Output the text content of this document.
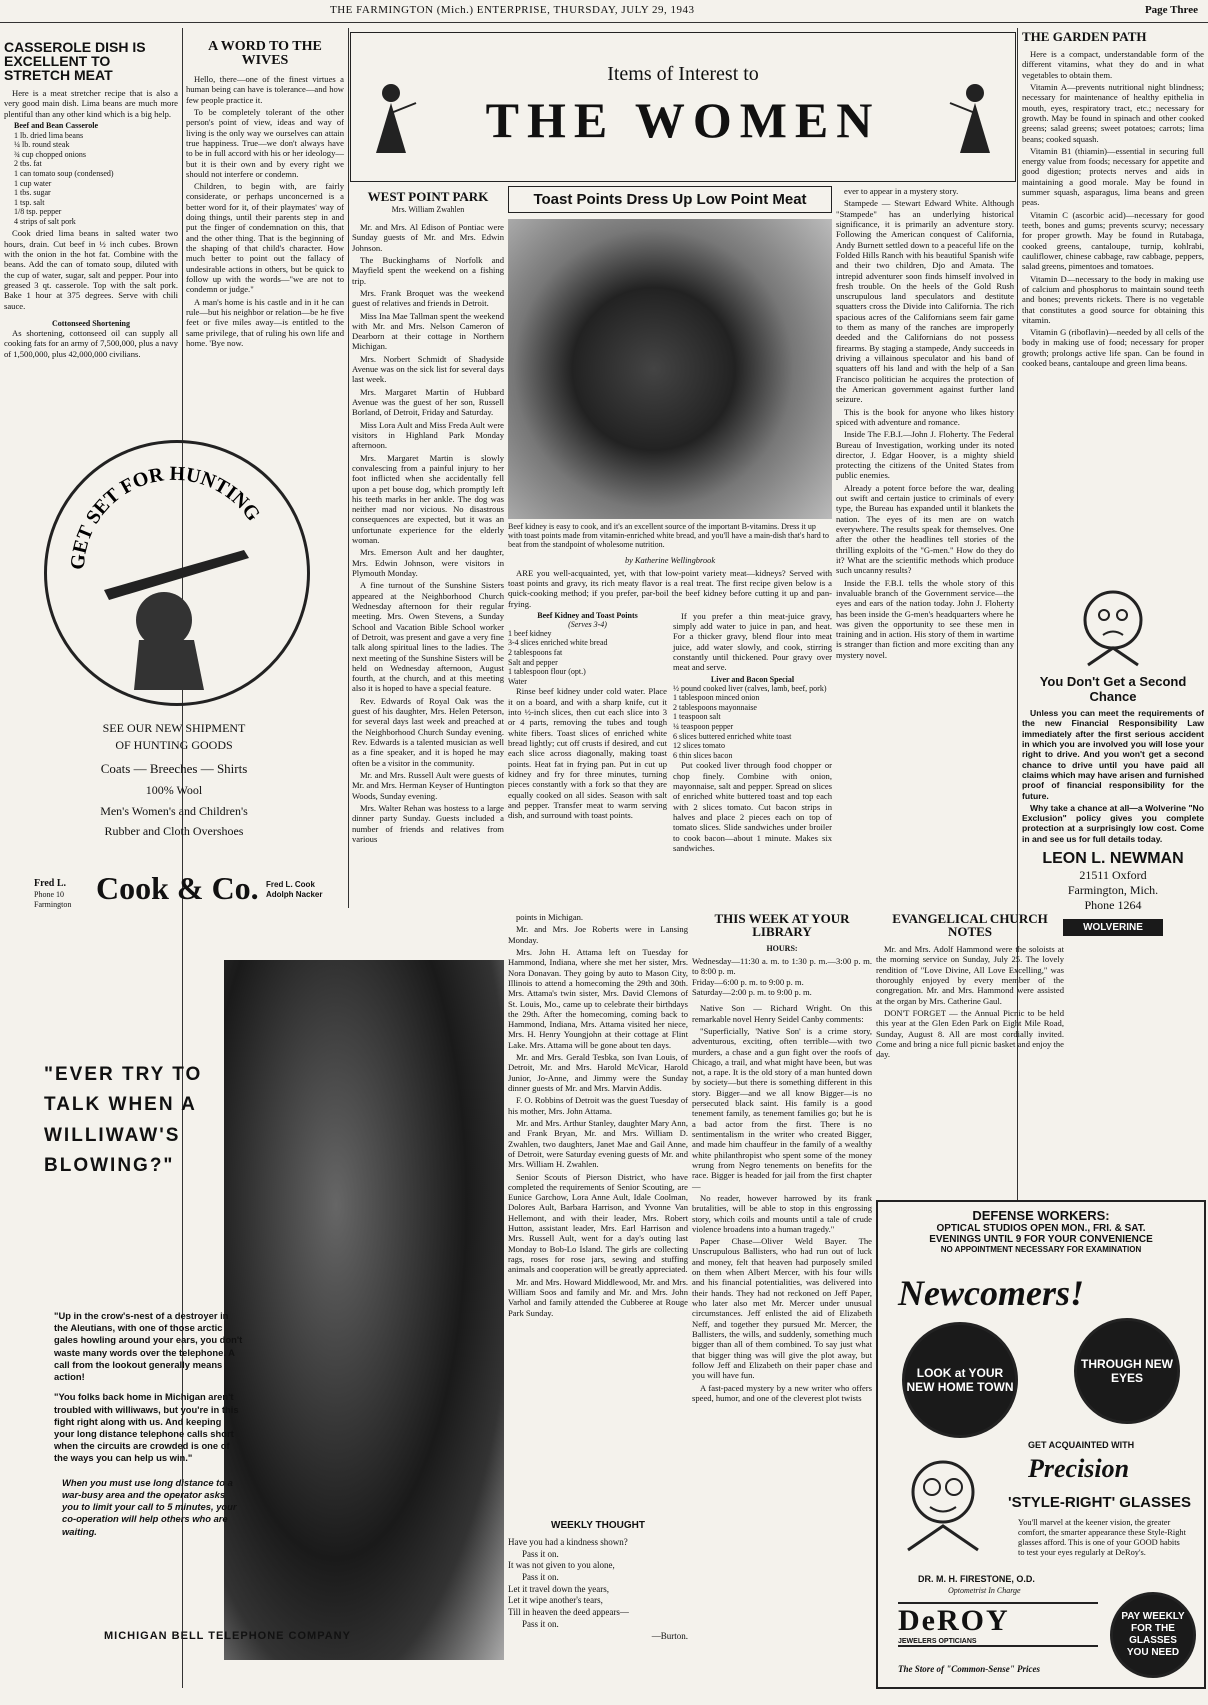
THE FARMINGTON (Mich.) ENTERPRISE, THURSDAY, JULY 29, 1943	Page Three
CASSEROLE DISH IS EXCELLENT TO STRETCH MEAT

Here is a meat stretcher recipe that is also a very good main dish. Lima beans are much more plentiful than any other kind which is a big help.

Beef and Bean Casserole
1 lb. dried lima beans
¼ lb. round steak
¾ cup chopped onions
2 tbs. fat
1 can tomato soup (condensed)
1 cup water
1 tbs. sugar
1 tsp. salt
1/8 tsp. pepper
4 strips of salt pork

Cook dried lima beans in salted water two hours, drain. Cut beef in ½ inch cubes. Brown with the onion in the hot fat. Combine with the beans. Add the can of tomato soup, diluted with the cup of water, sugar, salt and pepper. Pour into greased 3 qt. casserole. Top with the salt pork. Bake 1 hour at 375 degrees. Serve with chili sauce.

Cottonseed Shortening

As shortening, cottonseed oil can supply all cooking fats for an army of 7,500,000, plus a navy of 1,500,000, plus 42,000,000 civilians.

A WORD TO THE WIVES

Hello, there—one of the finest virtues a human being can have is tolerance—and how few people practice it.

To be completely tolerant of the other person's point of view, ideas and way of living is the only way we ourselves can attain true happiness. True—we don't always have to be in full accord with his or her ideology—but it is their own and by every right we should not interfere or condemn.

Children, to begin with, are fairly considerate, or perhaps unconcerned is a better word for it, of their playmates' way of doing things, until their parents step in and put the finger of condemnation on this, that and the other thing. That is the beginning of the shaping of that child's character. How much better to point out the fallacy of undesirable actions in others, but be quick to follow up with the words—"we are not to condemn or judge."

A man's home is his castle and in it he can rule—but his neighbor or relation—be he five feet or five miles away—is entitled to the same privilege, that of ruling his own life and home. 'Bye now.

Items of Interest to
THE WOMEN
WEST POINT PARK
Mrs. William Zwahlen

Mr. and Mrs. Al Edison of Pontiac were Sunday guests of Mr. and Mrs. Edwin Johnson.

The Buckinghams of Norfolk and Mayfield spent the weekend on a fishing trip.

Mrs. Frank Broquet was the weekend guest of relatives and friends in Detroit.

Miss Ina Mae Tallman spent the weekend with Mr. and Mrs. Nelson Cameron of Dearborn at their cottage in Northern Michigan.

Mrs. Norbert Schmidt of Shadyside Avenue was on the sick list for several days last week.

Mrs. Margaret Martin of Hubbard Avenue was the guest of her son, Russell Borland, of Detroit, Friday and Saturday.

Miss Lora Ault and Miss Freda Ault were visitors in Highland Park Monday afternoon.

Mrs. Margaret Martin is slowly convalescing from a painful injury to her foot inflicted when she accidentally fell upon a pet bouse dog, which promptly left his teeth marks in her ankle. The dog was neither mad nor vicious. No disastrous consequences are expected, but it was an unfortunate experience for the elderly woman.

Mrs. Emerson Ault and her daughter, Mrs. Edwin Johnson, were visitors in Plymouth Monday.

A fine turnout of the Sunshine Sisters appeared at the Neighborhood Church Wednesday afternoon for their regular meeting. Mrs. Owen Stevens, a Sunday School and Vacation Bible School worker of Detroit, was present and gave a very fine talk along spiritual lines to the ladies. The next meeting of the Sunshine Sisters will be held on Wednesday afternoon, August fourth, at the church, and at this meeting also it is hoped to have a special feature.

Rev. Edwards of Royal Oak was the guest of his daughter, Mrs. Helen Peterson, for several days last week and preached at the Neighborhood Church Sunday evening. Rev. Edwards is a talented musician as well as a fine speaker, and it is hoped he may often be a visitor in the community.

Mr. and Mrs. Russell Ault were guests of Mr. and Mrs. Herman Keyser of Huntington Woods, Sunday evening.

Mrs. Walter Rehan was hostess to a large dinner party Sunday. Guests included a number of friends and relatives from various

Toast Points Dress Up Low Point Meat
Beef kidney is easy to cook, and it's an excellent source of the important B-vitamins. Dress it up with toast points made from vitamin-enriched white bread, and you'll have a main-dish that's hard to beat from the standpoint of wholesome nutrition.
by Katherine Wellingbrook

ARE you well-acquainted, yet, with that low-point variety meat—kidneys? Served with toast points and gravy, its rich meaty flavor is a real treat. The first recipe given below is a quick-cooking method; if you prefer, par-boil the beef kidney before cutting it up and pan-frying.

Beef Kidney and Toast Points
(Serves 3-4)
1 beef kidney
3-4 slices enriched white bread
2 tablespoons fat
Salt and pepper
1 tablespoon flour (opt.)
Water

Rinse beef kidney under cold water. Place it on a board, and with a sharp knife, cut it into ½-inch slices, then cut each slice into 3 or 4 parts, removing the tubes and tough white fibers. Toast slices of enriched white bread lightly; cut off crusts if desired, and cut each slice across diagonally, making toast points. Heat fat in frying pan. Put in cut up kidney and fry for three minutes, turning pieces constantly with a fork so that they are equally cooked on all sides. Season with salt and pepper. Transfer meat to warm serving dish, and surround with toast points.

If you prefer a thin meat-juice gravy, simply add water to juice in pan, and heat. For a thicker gravy, blend flour into meat juice, add water slowly, and cook, stirring constantly until thickened. Pour gravy over meat and serve.

Liver and Bacon Special
½ pound cooked liver (calves, lamb, beef, pork)
1 tablespoon minced onion
2 tablespoons mayonnaise
1 teaspoon salt
¼ teaspoon pepper
6 slices buttered enriched white toast
12 slices tomato
6 thin slices bacon

Put cooked liver through food chopper or chop finely. Combine with onion, mayonnaise, salt and pepper. Spread on slices of enriched white buttered toast and top each with 2 slices tomato. Cut bacon strips in halves and place 2 pieces each on top of tomato slices. Slide sandwiches under broiler to cook bacon—about 1 minute. Makes six sandwiches.

ever to appear in a mystery story.

Stampede — Stewart Edward White. Although "Stampede" has an underlying historical significance, it is primarily an adventure story. Following the American conquest of California, Andy Burnett settled down to a peaceful life on the Folded Hills Ranch with his beautiful Spanish wife and their two children, Djo and Amata. The intrepid adventurer soon finds himself involved in fresh trouble. On the heels of the Gold Rush unscrupulous land speculators and destitute squatters cross the Divide into California. The rich spacious acres of the Californians seem fair game to them as many of the ranches are improperly deeded and the Californians do not possess firearms. By staging a stampede, Andy succeeds in driving a villainous speculator and his band of squatters off his land and with the help of a San Francisco politician he acquires the protection of the American government against further land seizure.

This is the book for anyone who likes history spiced with adventure and romance.

Inside The F.B.I.—John J. Floherty. The Federal Bureau of Investigation, working under its noted director, J. Edgar Hoover, is a mighty shield protecting the citizens of the United States from public enemies.

Already a potent force before the war, dealing out swift and certain justice to criminals of every type, the Bureau has expanded until it blankets the nation. The eyes of its men are on watch everywhere. The results speak for themselves. One after the other the headlines tell stories of the thrilling exploits of the "G-men." How do they do it? What are the scientific methods which produce such uncanny results?

Inside the F.B.I. tells the whole story of this invaluable branch of the Government service—the eyes and ears of the nation today. John J. Floherty has been inside the G-men's headquarters where he was given the opportunity to see these men in training and in action. His story of them in wartime is stranger than fiction and more exciting than any mystery novel.

THE GARDEN PATH

Here is a compact, understandable form of the different vitamins, what they do and in what vegetables to obtain them.

Vitamin A—prevents nutritional night blindness; necessary for maintenance of healthy epithelia in mouth, eyes, respiratory tract, etc.; necessary for growth. May be found in spinach and other cooked greens; salad greens; sweet potatoes; carrots; lima beans; cooked squash.

Vitamin B1 (thiamin)—essential in securing full energy value from foods; necessary for appetite and good digestion; protects nerves and aids in maintaining a good morale. May be found in summer squash, asparagus, lima beans and green peas.

Vitamin C (ascorbic acid)—necessary for good teeth, bones and gums; prevents scurvy; necessary for proper growth. May be found in Rutabaga, cooked greens, cantaloupe, turnip, kohlrabi, cauliflower, chinese cabbage, raw cabbage, peppers, salad greens, pimentoes and tomatoes.

Vitamin D—necessary to the body in making use of calcium and phosphorus to maintain sound teeth and bones; prevents rickets. There is no vegetable that constitutes a good source for obtaining this vitamin.

Vitamin G (riboflavin)—needed by all cells of the body in making use of food; necessary for proper growth; prolongs active life span. Can be found in cooked beans, cantaloupe and green lima beans.

You Don't Get a Second Chance

Unless you can meet the requirements of the new Financial Responsibility Law immediately after the first serious accident in which you are involved you will lose your right to drive. And you won't get a second chance to drive until you have paid all claims which may have arisen and furnished proof of financial responsibility for the future.

Why take a chance at all—a Wolverine "No Exclusion" policy gives you complete protection at a surprisingly low cost. Come in and see us for full details today.

LEON L. NEWMAN
21511 Oxford
Farmington, Mich.
Phone 1264
WOLVERINE
GET SET FOR HUNTING
SEE OUR NEW SHIPMENT
OF HUNTING GOODS
Coats — Breeches — Shirts
100% Wool
Men's Women's and Children's
Rubber and Cloth Overshoes
Fred L.
Phone 10
Farmington Cook & Co. Fred L. Cook
Adolph Nacker
"EVER TRY TO TALK WHEN A WILLIWAW'S BLOWING?"

"Up in the crow's-nest of a destroyer in the Aleutians, with one of those arctic gales howling around your ears, you don't waste many words over the telephone. A call from the lookout generally means action!

"You folks back home in Michigan aren't troubled with williwaws, but you're in this fight right along with us. And keeping your long distance telephone calls short when the circuits are crowded is one of the ways you can help us win."

When you must use long distance to a war-busy area and the operator asks you to limit your call to 5 minutes, your co-operation will help others who are waiting.

MICHIGAN BELL TELEPHONE COMPANY

points in Michigan.

Mr. and Mrs. Joe Roberts were in Lansing Monday.

Mrs. John H. Attama left on Tuesday for Hammond, Indiana, where she met her sister, Mrs. Nora Donavan. They going by auto to Mason City, Illinois to attend a homecoming the 29th and 30th. Mrs. Attama's twin sister, Mrs. David Clemons of St. Louis, Mo., came up to celebrate their birthdays the 29th. After the homecoming, coming back to Hammond, Indiana, Mrs. Attama visited her niece, Mrs. H. Henry Youngjohn at their cottage at Flint Lake. Mrs. Attama will be gone about ten days.

Mr. and Mrs. Gerald Tesbka, son Ivan Louis, of Detroit, Mr. and Mrs. Harold McVicar, Harold Junior, Jo-Anne, and Jimmy were the Sunday dinner guests of Mr. and Mrs. Marvin Addis.

F. O. Robbins of Detroit was the guest Tuesday of his mother, Mrs. John Attama.

Mr. and Mrs. Arthur Stanley, daughter Mary Ann, and Frank Bryan, Mr. and Mrs. William D. Zwahlen, two daughters, Janet Mae and Gail Anne, of Detroit, were Saturday evening guests of Mr. and Mrs. William H. Zwahlen.

Senior Scouts of Pierson District, who have completed the requirements of Senior Scouting, are Eunice Garchow, Lora Anne Ault, Idale Coolman, Dolores Ault, Barbara Harrison, and Yvonne Van Hellemont, and with their leader, Mrs. Robert Hutton, assistant leader, Mrs. Earl Harrison and Mrs. Russell Ault, went for a day's outing last Monday to Bob-Lo Island. The girls are collecting rags, roses for rose jars, sewing and stuffing animals and cooperation will be greatly appreciated.

Mr. and Mrs. Howard Middlewood, Mr. and Mrs. William Soos and family and Mr. and Mrs. John Varhol and family attended the Cubberee at Rouge Park Sunday.

WEEKLY THOUGHT
Have you had a kindness shown?
Pass it on.
It was not given to you alone,
Pass it on.
Let it travel down the years,
Let it wipe another's tears,
Till in heaven the deed appears—
Pass it on.
—Burton.
THIS WEEK AT YOUR LIBRARY
HOURS:
Wednesday—11:30 a. m. to 1:30 p. m.—3:00 p. m. to 8:00 p. m.
Friday—6:00 p. m. to 9:00 p. m.
Saturday—2:00 p. m. to 9:00 p. m.

Native Son — Richard Wright. On this remarkable novel Henry Seidel Canby comments:

"Superficially, 'Native Son' is a crime story, adventurous, exciting, often terrible—with two murders, a chase and a gun fight over the roofs of Chicago, a trail, and what might have been, but was not, a rape. It is the old story of a man hunted down by society—but there is something different in this story. Bigger—and we all know Bigger—is no persecuted black saint. His family is a good tenement family, as tenement families go; but he is a bad actor from the first. There is no sentimentalism in the writer who created Bigger, and made him chauffeur in the family of a wealthy white philanthropist who spent some of the money wrung from Negro tenements on benefits for the race. Bigger is headed for jail from the first chapter—

No reader, however harrowed by its frank brutalities, will be able to stop in this engrossing story, which coils and mounts until a tale of crude violence broadens into a human tragedy."

Paper Chase—Oliver Weld Bayer. The Unscrupulous Ballisters, who had run out of luck and money, felt that heaven had purposely smiled on them when Albert Mercer, with his four wills and his financial potentialities, was delivered into their hands. They had not reckoned on Jeff Paper, who later also met Mr. Mercer under unusual circumstances. Jeff enlisted the aid of Elizabeth Neff, and together they pursued Mr. Mercer, the Ballisters, the wills, and suddenly, something much bigger than all of them combined. To say just what that bigger thing was will give the plot away, but follow Jeff and Elizabeth on their paper chase and you will have fun.

A fast-paced mystery by a new writer who offers speed, humor, and one of the cleverest plot twists

EVANGELICAL CHURCH NOTES

Mr. and Mrs. Adolf Hammond were the soloists at the morning service on Sunday, July 25. The lovely rendition of "Love Divine, All Love Excelling," was thoroughly enjoyed by every member of the congregation. Mr. and Mrs. Hammond were assisted at the organ by Mrs. Catherine Gaul.

DON'T FORGET — the Annual Picnic to be held this year at the Glen Eden Park on Eight Mile Road, Sunday, August 8. All are most cordially invited. Come and bring a nice full picnic basket and enjoy the day.

DEFENSE WORKERS:
OPTICAL STUDIOS OPEN MON., FRI. & SAT.
EVENINGS UNTIL 9 FOR YOUR CONVENIENCE
NO APPOINTMENT NECESSARY FOR EXAMINATION
Newcomers!
LOOK at YOUR NEW HOME TOWN
THROUGH NEW EYES
GET ACQUAINTED WITH
Precision
'STYLE-RIGHT' GLASSES
You'll marvel at the keener vision, the greater comfort, the smarter appearance these Style-Right glasses afford. This is one of your GOOD habits to test your eyes regularly at DeRoy's.
DR. M. H. FIRESTONE, O.D.
Optometrist In Charge
DeROY
JEWELERS OPTICIANS
The Store of "Common-Sense" Prices
PAY WEEKLY FOR THE GLASSES YOU NEED
